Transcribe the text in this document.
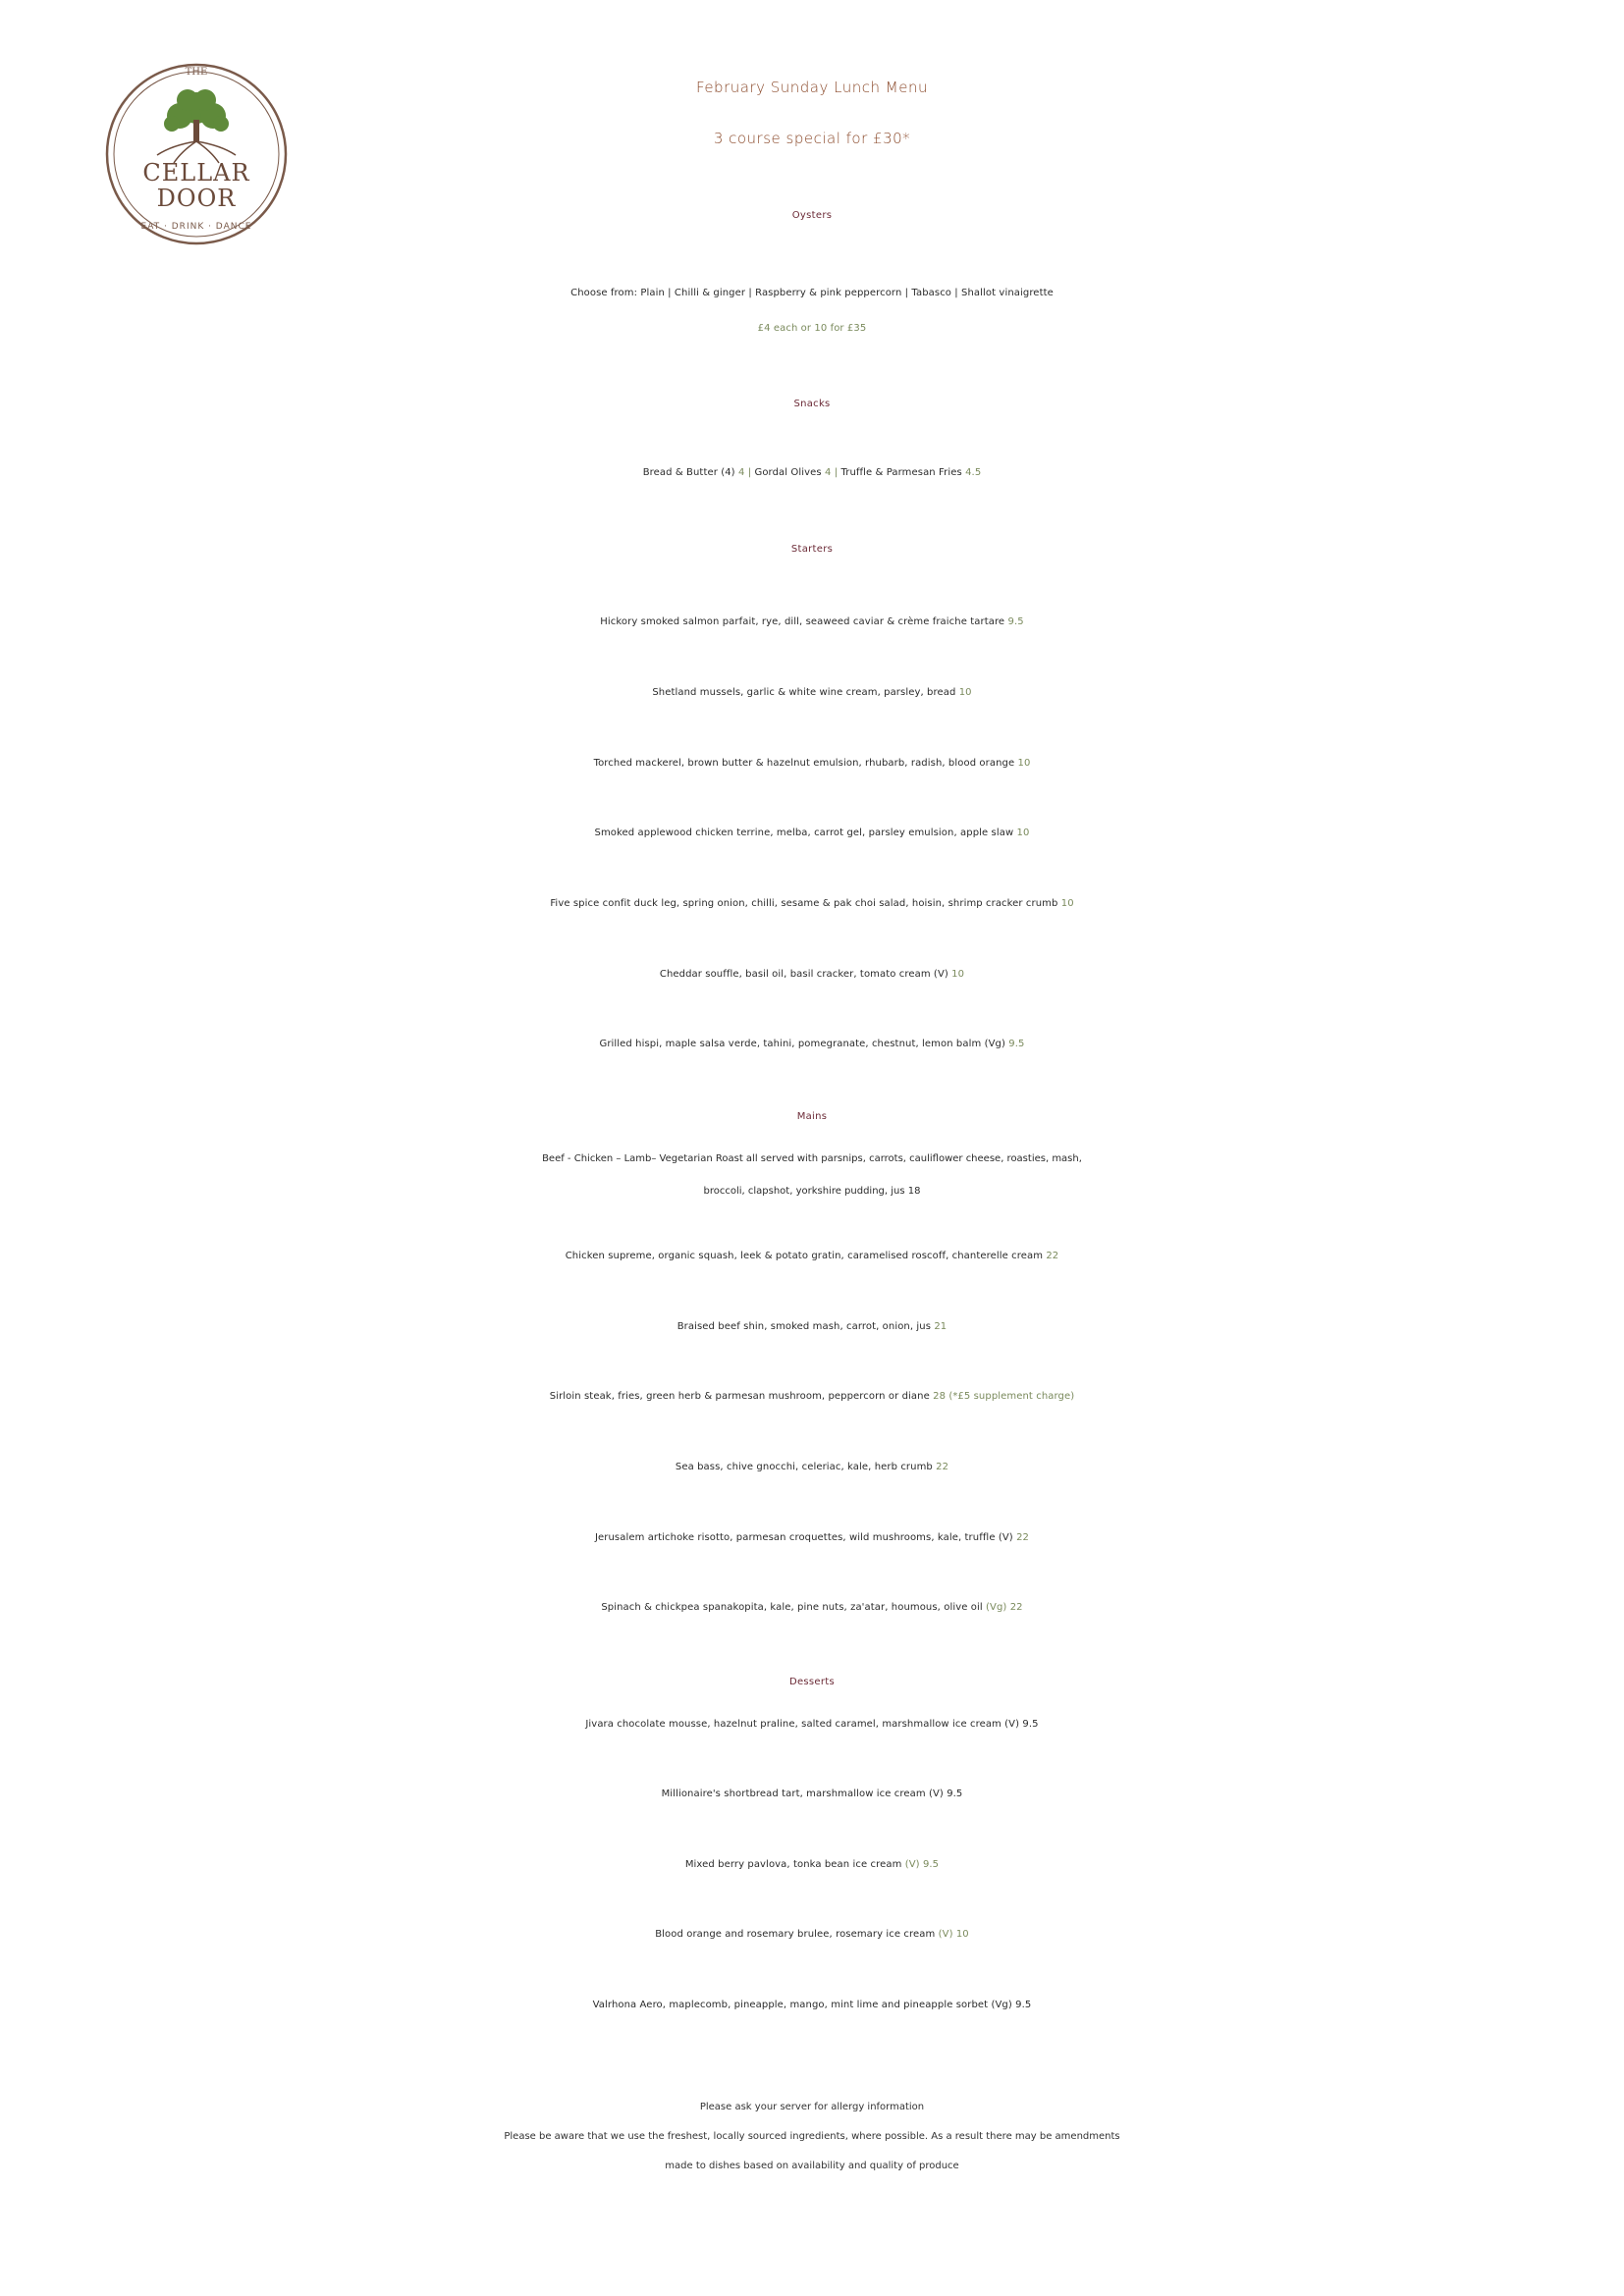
THE
CELLAR
DOOR
EAT · DRINK · DANCE
February Sunday Lunch Menu
3 course special for £30*
Oysters
Choose from: Plain | Chilli & ginger | Raspberry & pink peppercorn | Tabasco | Shallot vinaigrette
£4 each or 10 for £35
Snacks
Bread & Butter (4) 4 | Gordal Olives 4 | Truffle & Parmesan Fries 4.5
Starters
Hickory smoked salmon parfait, rye, dill, seaweed caviar & crème fraiche tartare 9.5
Shetland mussels, garlic & white wine cream, parsley, bread 10
Torched mackerel, brown butter & hazelnut emulsion, rhubarb, radish, blood orange 10
Smoked applewood chicken terrine, melba, carrot gel, parsley emulsion, apple slaw 10
Five spice confit duck leg, spring onion, chilli, sesame & pak choi salad, hoisin, shrimp cracker crumb 10
Cheddar souffle, basil oil, basil cracker, tomato cream (V) 10
Grilled hispi, maple salsa verde, tahini, pomegranate, chestnut, lemon balm (Vg) 9.5
Mains
Beef - Chicken – Lamb– Vegetarian Roast all served with parsnips, carrots, cauliflower cheese, roasties, mash,
broccoli, clapshot, yorkshire pudding, jus 18
Chicken supreme, organic squash, leek & potato gratin, caramelised roscoff, chanterelle cream 22
Braised beef shin, smoked mash, carrot, onion, jus 21
Sirloin steak, fries, green herb & parmesan mushroom, peppercorn or diane 28 (*£5 supplement charge)
Sea bass, chive gnocchi, celeriac, kale, herb crumb 22
Jerusalem artichoke risotto, parmesan croquettes, wild mushrooms, kale, truffle (V) 22
Spinach & chickpea spanakopita, kale, pine nuts, za'atar, houmous, olive oil (Vg) 22
Desserts
Jivara chocolate mousse, hazelnut praline, salted caramel, marshmallow ice cream (V) 9.5
Millionaire's shortbread tart, marshmallow ice cream (V) 9.5
Mixed berry pavlova, tonka bean ice cream (V) 9.5
Blood orange and rosemary brulee, rosemary ice cream (V) 10
Valrhona Aero, maplecomb, pineapple, mango, mint lime and pineapple sorbet (Vg) 9.5
Please ask your server for allergy information
Please be aware that we use the freshest, locally sourced ingredients, where possible. As a result there may be amendments
made to dishes based on availability and quality of produce
